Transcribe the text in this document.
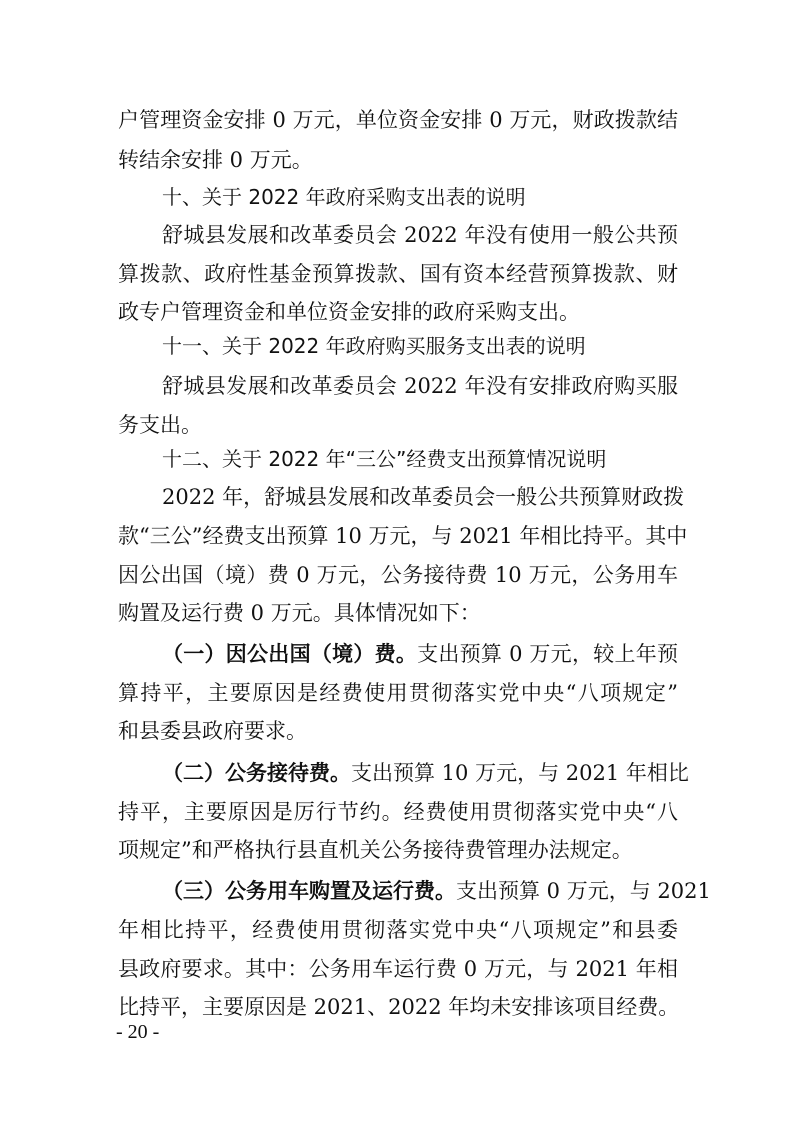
户管理资金安排 0 万元，单位资金安排 0 万元，财政拨款结
转结余安排 0 万元。
十、关于 2022 年政府采购支出表的说明
舒城县发展和改革委员会 2022 年没有使用一般公共预
算拨款、政府性基金预算拨款、国有资本经营预算拨款、财
政专户管理资金和单位资金安排的政府采购支出。
十一、关于 2022 年政府购买服务支出表的说明
舒城县发展和改革委员会 2022 年没有安排政府购买服
务支出。
十二、关于 2022 年“三公”经费支出预算情况说明
2022 年，舒城县发展和改革委员会一般公共预算财政拨
款“三公”经费支出预算 10 万元，与 2021 年相比持平。其中
因公出国（境）费 0 万元，公务接待费 10 万元，公务用车
购置及运行费 0 万元。具体情况如下：
（一）因公出国（境）费。支出预算 0 万元，较上年预
算持平，主要原因是经费使用贯彻落实党中央“八项规定”
和县委县政府要求。
（二）公务接待费。支出预算 10 万元，与 2021 年相比
持平，主要原因是厉行节约。经费使用贯彻落实党中央“八
项规定”和严格执行县直机关公务接待费管理办法规定。
（三）公务用车购置及运行费。支出预算 0 万元，与 2021
年相比持平，经费使用贯彻落实党中央“八项规定”和县委
县政府要求。其中：公务用车运行费 0 万元，与 2021 年相
比持平，主要原因是 2021、2022 年均未安排该项目经费。
- 20 -
